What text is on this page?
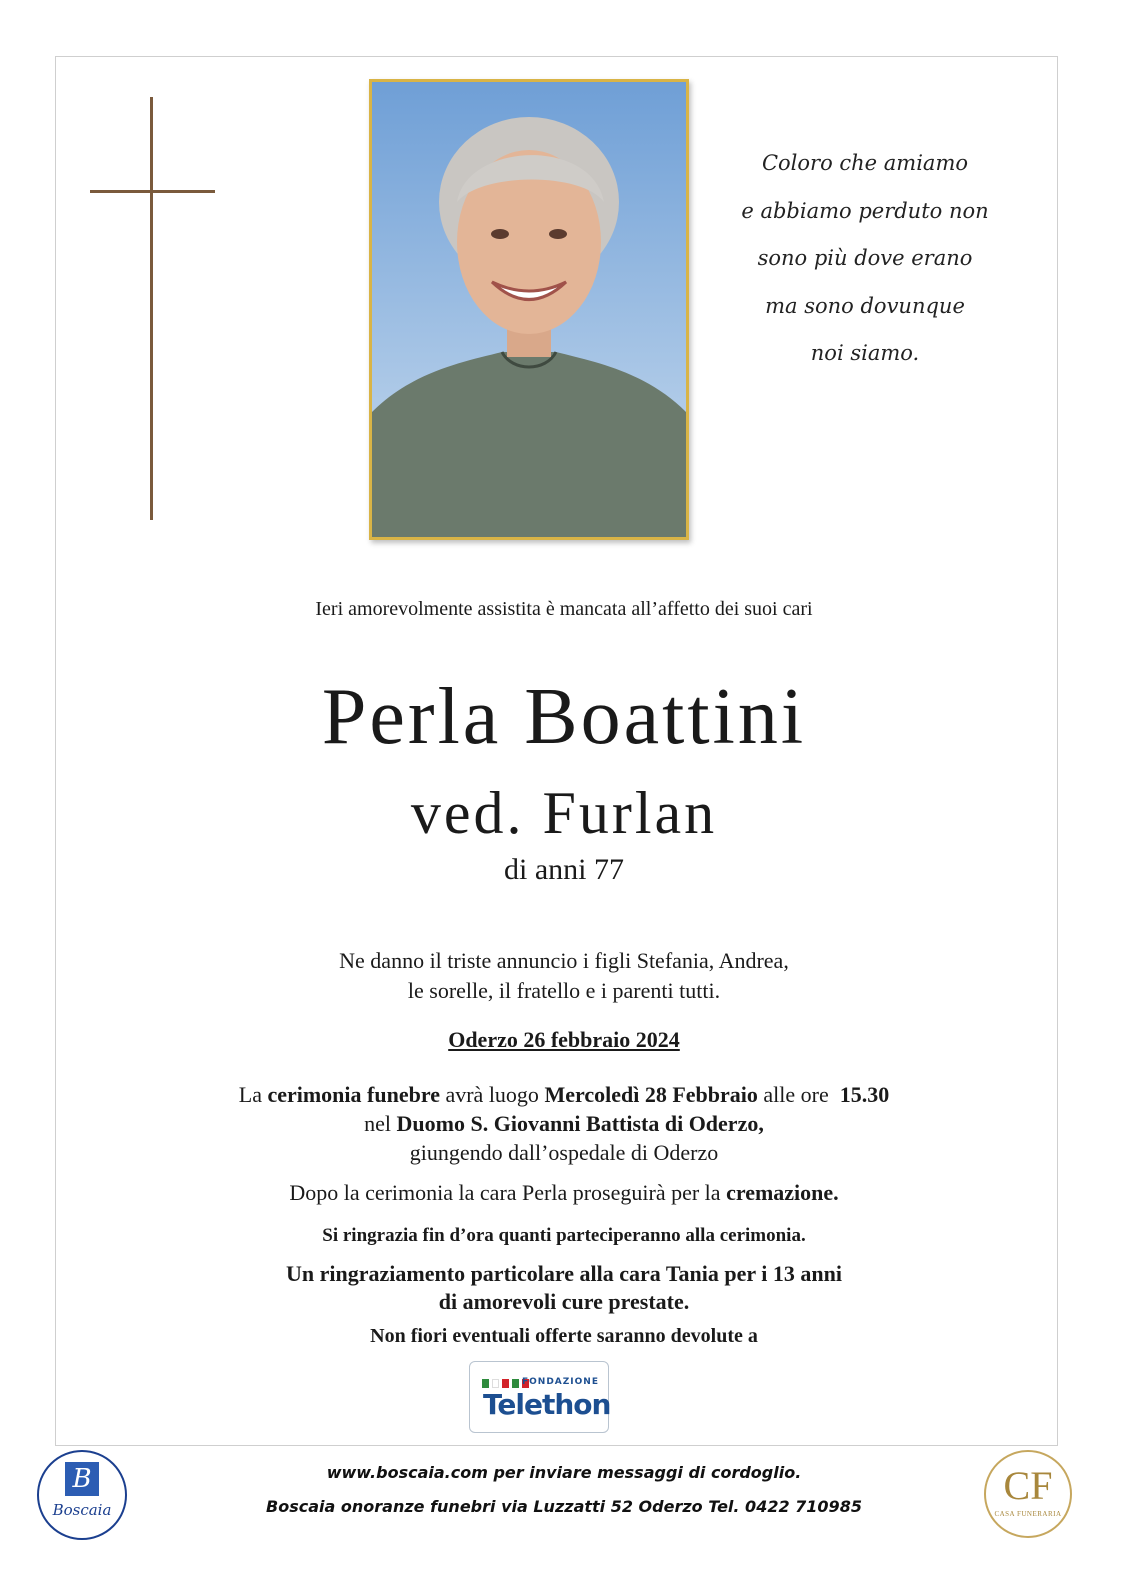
Coloro che amiamo
e abbiamo perduto non
sono più dove erano
ma sono dovunque
noi siamo.
Ieri amorevolmente assistita è mancata all’affetto dei suoi cari
Perla Boattini
ved. Furlan
di anni 77
Ne danno il triste annuncio i figli Stefania, Andrea,
le sorelle, il fratello e i parenti tutti.
Oderzo 26 febbraio 2024
La cerimonia funebre avrà luogo Mercoledì 28 Febbraio alle ore  15.30
nel Duomo S. Giovanni Battista di Oderzo,
giungendo dall’ospedale di Oderzo
Dopo la cerimonia la cara Perla proseguirà per la cremazione.
Si ringrazia fin d’ora quanti parteciperanno alla cerimonia.
Un ringraziamento particolare alla cara Tania per i 13 anni
di amorevoli cure prestate.
Non fiori eventuali offerte saranno devolute a
FONDAZIONE
Telethon
www.boscaia.com per inviare messaggi di cordoglio.
Boscaia onoranze funebri via Luzzatti 52 Oderzo Tel. 0422 710985
B
Boscaia
CF
CASA FUNERARIA
